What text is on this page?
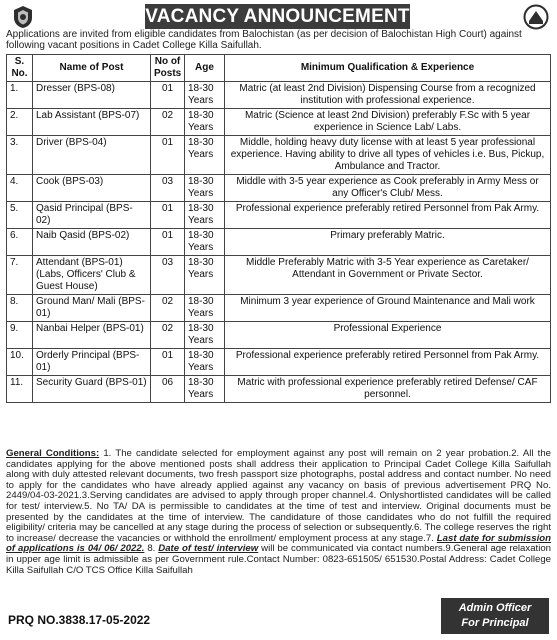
VACANCY ANNOUNCEMENT
Applications are invited from eligible candidates from Balochistan (as per decision of Balochistan High Court) against following vacant positions in Cadet College Killa Saifullah.
S. No.	Name of Post	No of Posts	Age	Minimum Qualification & Experience
1.	Dresser (BPS-08)	01	18-30 Years	Matric (at least 2nd Division) Dispensing Course from a recognized institution with professional experience.
2.	Lab Assistant (BPS-07)	02	18-30 Years	Matric (Science at least 2nd Division) preferably F.Sc with 5 year experience in Science Lab/ Labs.
3.	Driver (BPS-04)	01	18-30 Years	Middle, holding heavy duty license with at least 5 year professional experience. Having ability to drive all types of vehicles i.e. Bus, Pickup, Ambulance and Tractor.
4.	Cook (BPS-03)	03	18-30 Years	Middle with 3-5 year experience as Cook preferably in Army Mess or any Officer's Club/ Mess.
5.	Qasid Principal (BPS-02)	01	18-30 Years	Professional experience preferably retired Personnel from Pak Army.
6.	Naib Qasid (BPS-02)	01	18-30 Years	Primary preferably Matric.
7.	Attendant (BPS-01) (Labs, Officers' Club & Guest House)	03	18-30 Years	Middle Preferably Matric with 3-5 Year experience as Caretaker/ Attendant in Government or Private Sector.
8.	Ground Man/ Mali (BPS-01)	02	18-30 Years	Minimum 3 year experience of Ground Maintenance and Mali work
9.	Nanbai Helper (BPS-01)	02	18-30 Years	Professional Experience
10.	Orderly Principal (BPS-01)	01	18-30 Years	Professional experience preferably retired Personnel from Pak Army.
11.	Security Guard (BPS-01)	06	18-30 Years	Matric with professional experience preferably retired Defense/ CAF personnel.
General Conditions: 1. The candidate selected for employment against any post will remain on 2 year probation.2. All the candidates applying for the above mentioned posts shall address their application to Principal Cadet College Killa Saifullah along with duly attested relevant documents, two fresh passport size photographs, postal address and contact number. No need to apply for the candidates who have already applied against any vacancy on basis of previous advertisement PRQ No. 2449/04-03-2021.3.Serving candidates are advised to apply through proper channel.4. Onlyshortlisted candidates will be called for test/ interview.5. No TA/ DA is permissible to candidates at the time of test and interview. Original documents must be presented by the candidates at the time of interview. The candidature of those candidates who do not fulfill the required eligibility/ criteria may be cancelled at any stage during the process of selection or subsequently.6. The college reserves the right to increase/ decrease the vacancies or withhold the enrollment/ employment process at any stage.7. Last date for submission of applications is 04/ 06/ 2022. 8. Date of test/ interview will be communicated via contact numbers.9.General age relaxation in upper age limit is admissible as per Government rule.Contact Number: 0823-651505/ 651530.Postal Address: Cadet College Killa Saifullah C/O TCS Office Killa Saifullah
PRQ NO.3838.17-05-2022
Admin Officer
For Principal
